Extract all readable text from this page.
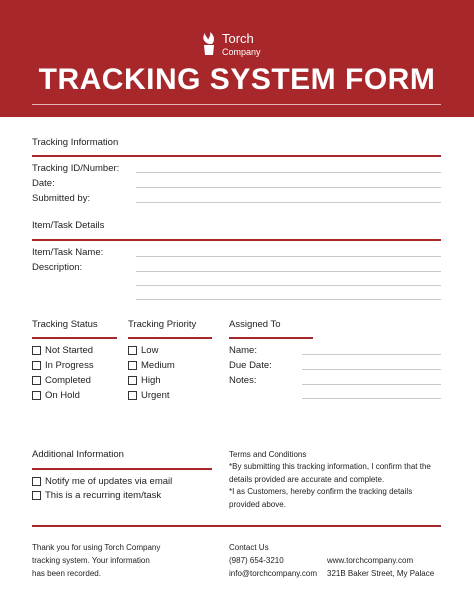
Torch
Company
TRACKING SYSTEM FORM
Tracking Information
Tracking ID/Number:
Date:
Submitted by:
Item/Task Details
Item/Task Name:
Description:
Tracking Status
Not Started
In Progress
Completed
On Hold
Tracking Priority
Low
Medium
High
Urgent
Assigned To
Name:
Due Date:
Notes:
Additional Information
Notify me of updates via email
This is a recurring item/task
Terms and Conditions
*By submitting this tracking information, I confirm that the
details provided are accurate and complete.
*I as Customers, hereby confirm the tracking details
provided above.
Thank you for using Torch Company
tracking system. Your information
has been recorded.
Contact Us
(987) 654-3210
info@torchcompany.com
www.torchcompany.com
321B Baker Street, My Palace
